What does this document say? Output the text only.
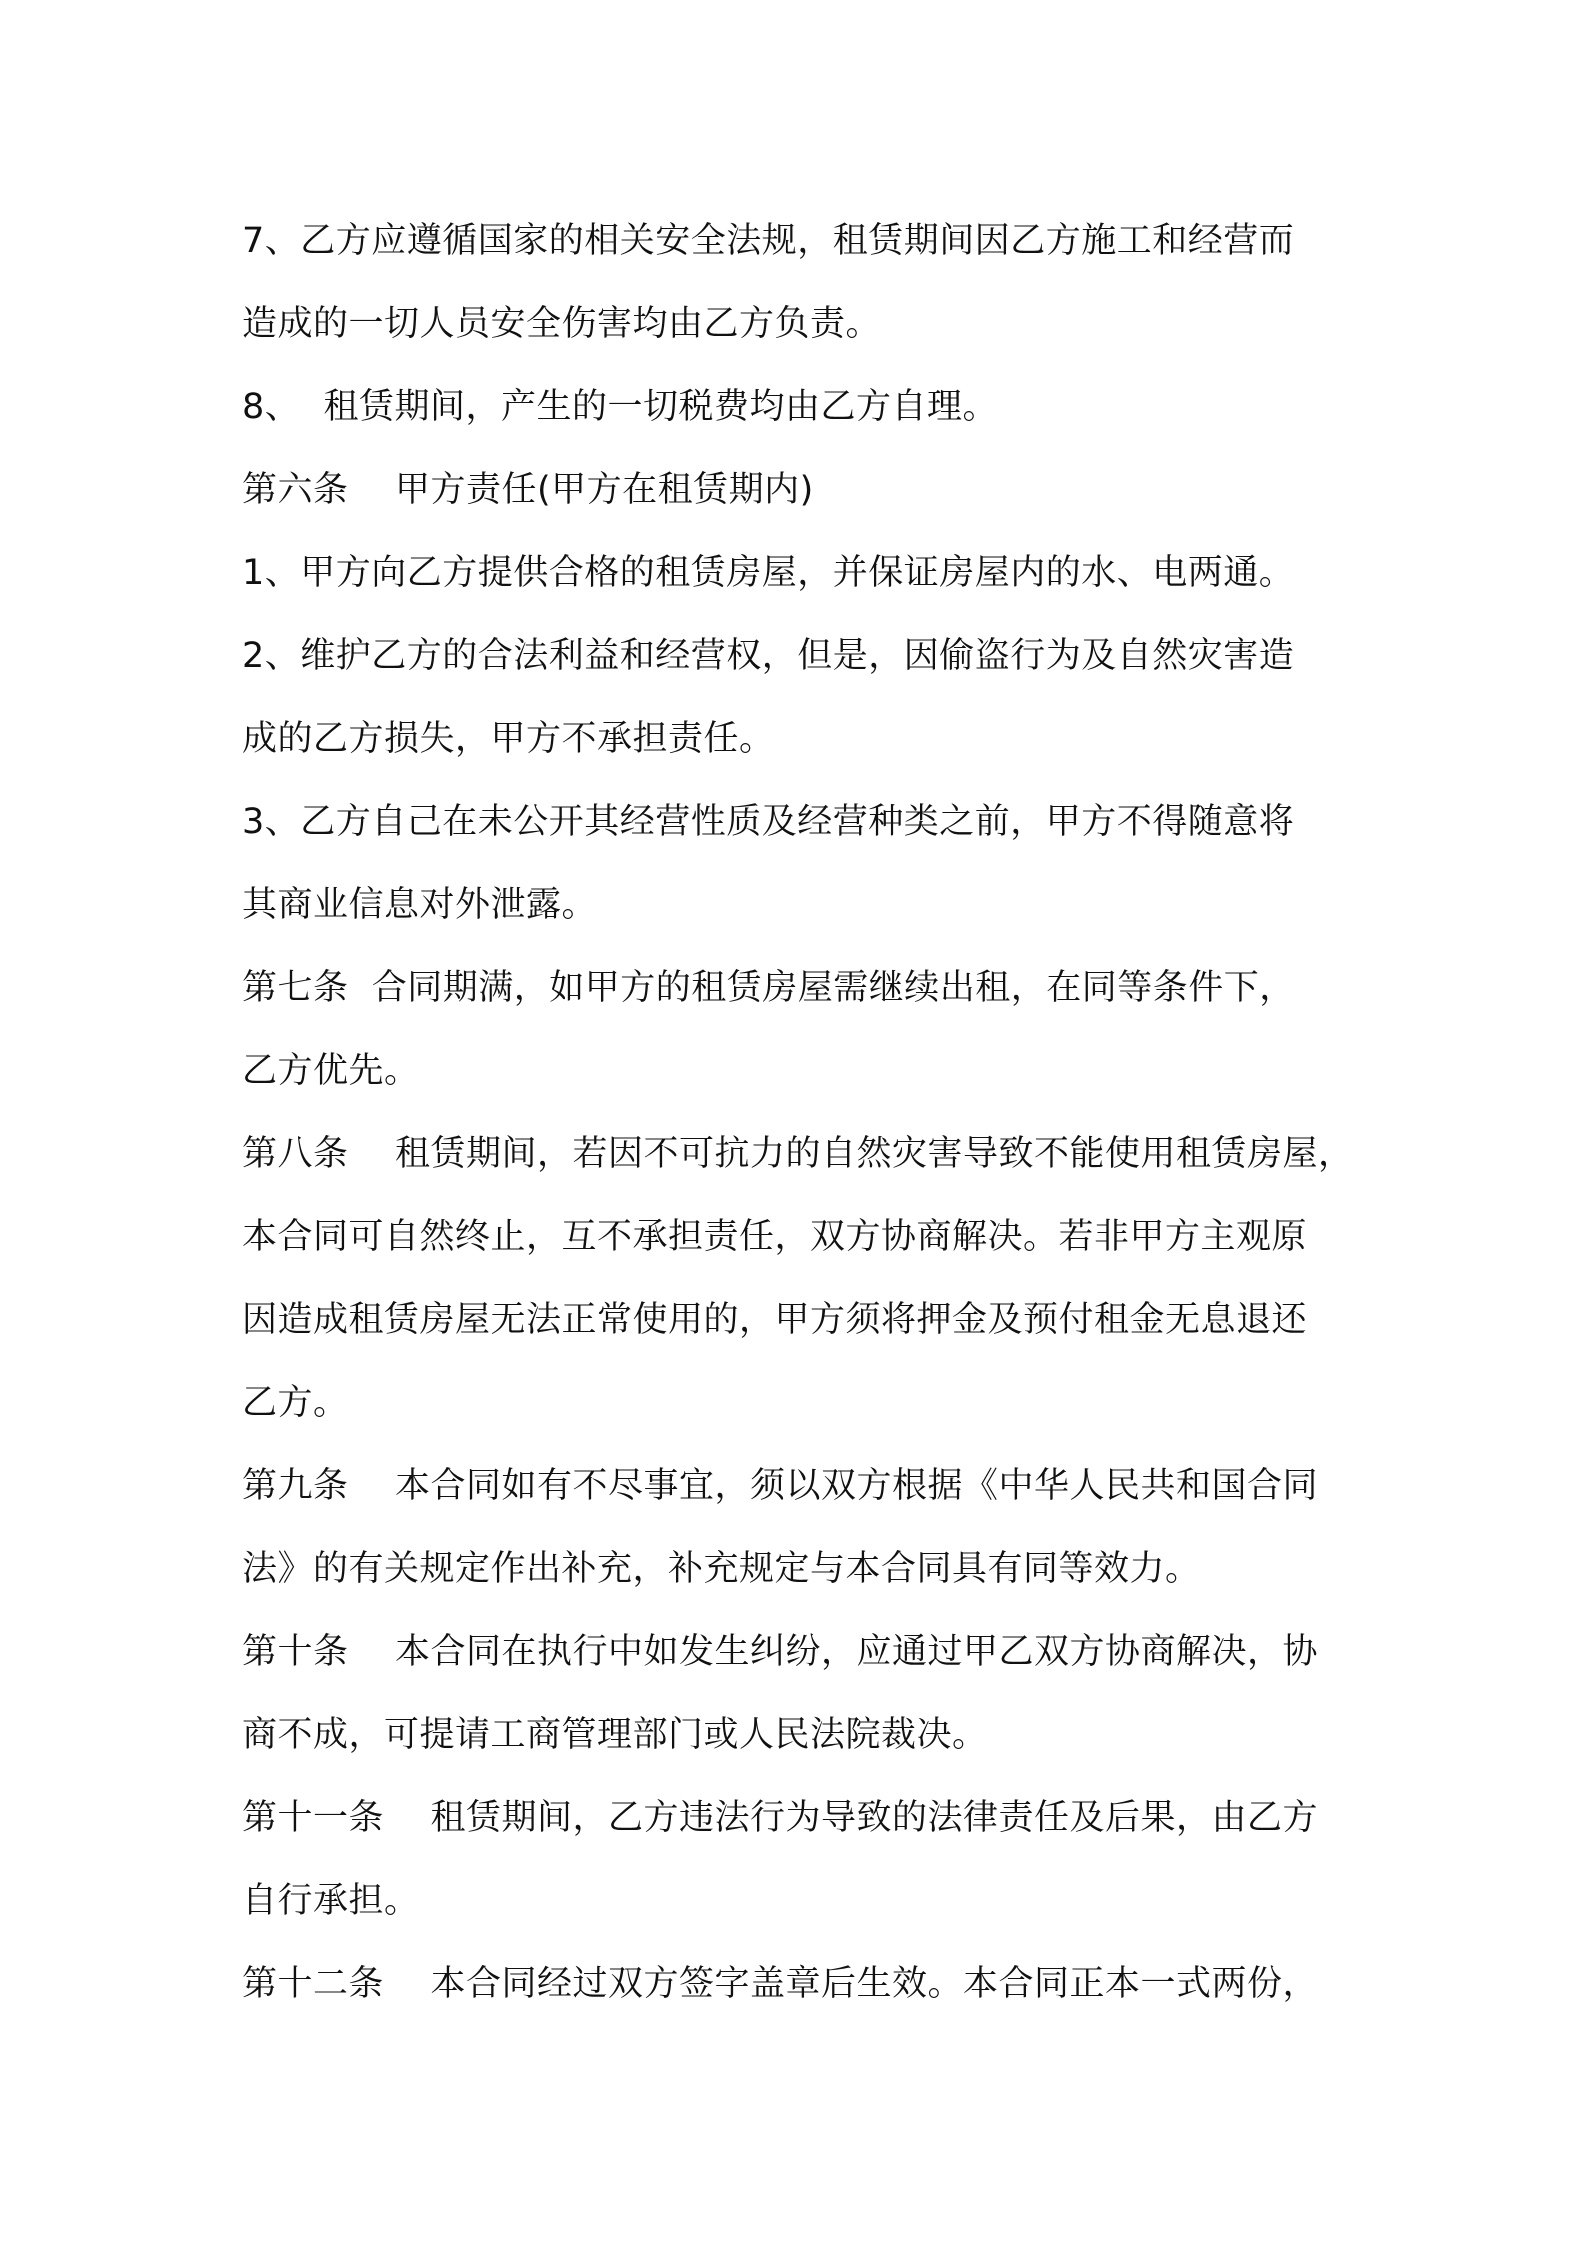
7、乙方应遵循国家的相关安全法规，租赁期间因乙方施工和经营而
造成的一切人员安全伤害均由乙方负责。
8、  租赁期间，产生的一切税费均由乙方自理。
第六条    甲方责任(甲方在租赁期内)
1、甲方向乙方提供合格的租赁房屋，并保证房屋内的水、电两通。
2、维护乙方的合法利益和经营权，但是，因偷盗行为及自然灾害造
成的乙方损失，甲方不承担责任。
3、乙方自己在未公开其经营性质及经营种类之前，甲方不得随意将
其商业信息对外泄露。
第七条  合同期满，如甲方的租赁房屋需继续出租，在同等条件下，
乙方优先。
第八条    租赁期间，若因不可抗力的自然灾害导致不能使用租赁房屋，
本合同可自然终止，互不承担责任，双方协商解决。若非甲方主观原
因造成租赁房屋无法正常使用的，甲方须将押金及预付租金无息退还
乙方。
第九条    本合同如有不尽事宜，须以双方根据《中华人民共和国合同
法》的有关规定作出补充，补充规定与本合同具有同等效力。
第十条    本合同在执行中如发生纠纷，应通过甲乙双方协商解决，协
商不成，可提请工商管理部门或人民法院裁决。
第十一条    租赁期间，乙方违法行为导致的法律责任及后果，由乙方
自行承担。
第十二条    本合同经过双方签字盖章后生效。本合同正本一式两份，
